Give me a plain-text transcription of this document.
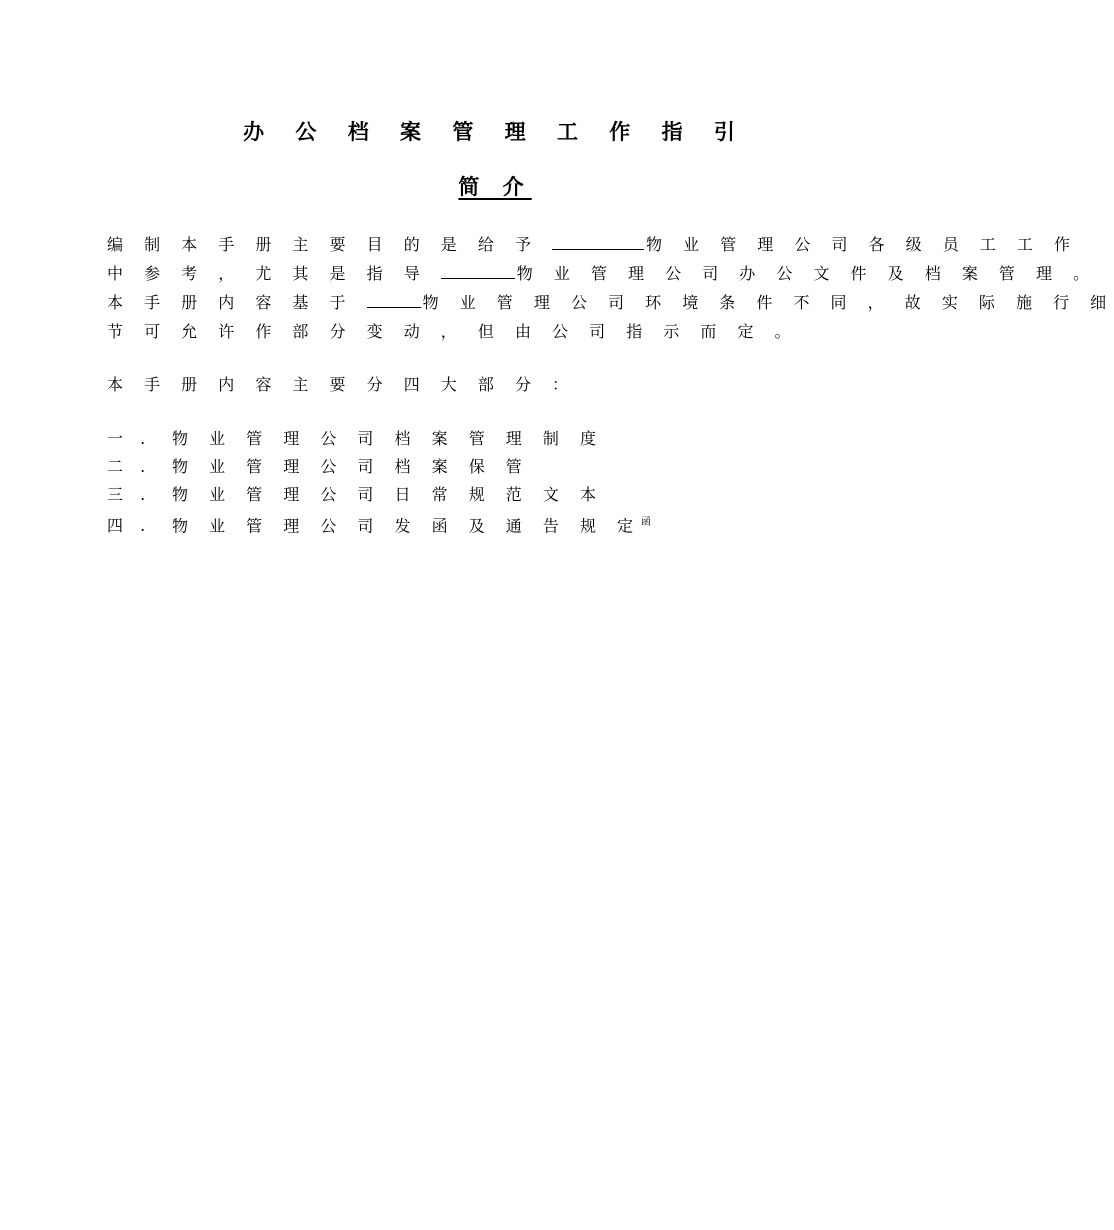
办 公 档 案 管 理 工 作 指 引
简 介
编 制 本 手 册 主 要 目 的 是 给 予	物 业 管 理 公 司 各 级 员 工 工 作
中 参 考 ， 尤 其 是 指 导	物 业 管 理 公 司 办 公 文 件 及 档 案 管 理 。
本 手 册 内 容 基 于	物 业 管 理 公 司 环 境 条 件 不 同 ， 故 实 际 施 行 细
节 可 允 许 作 部 分 变 动 ， 但 由 公 司 指 示 而 定 。
本 手 册 内 容 主 要 分 四 大 部 分 ：
一 . 物 业 管 理 公 司 档 案 管 理 制 度
二 . 物 业 管 理 公 司 档 案 保 管
三 . 物 业 管 理 公 司 日 常 规 范 文 本
四 . 物 业 管 理 公 司 发 函 及 通 告 规 定$^函$
